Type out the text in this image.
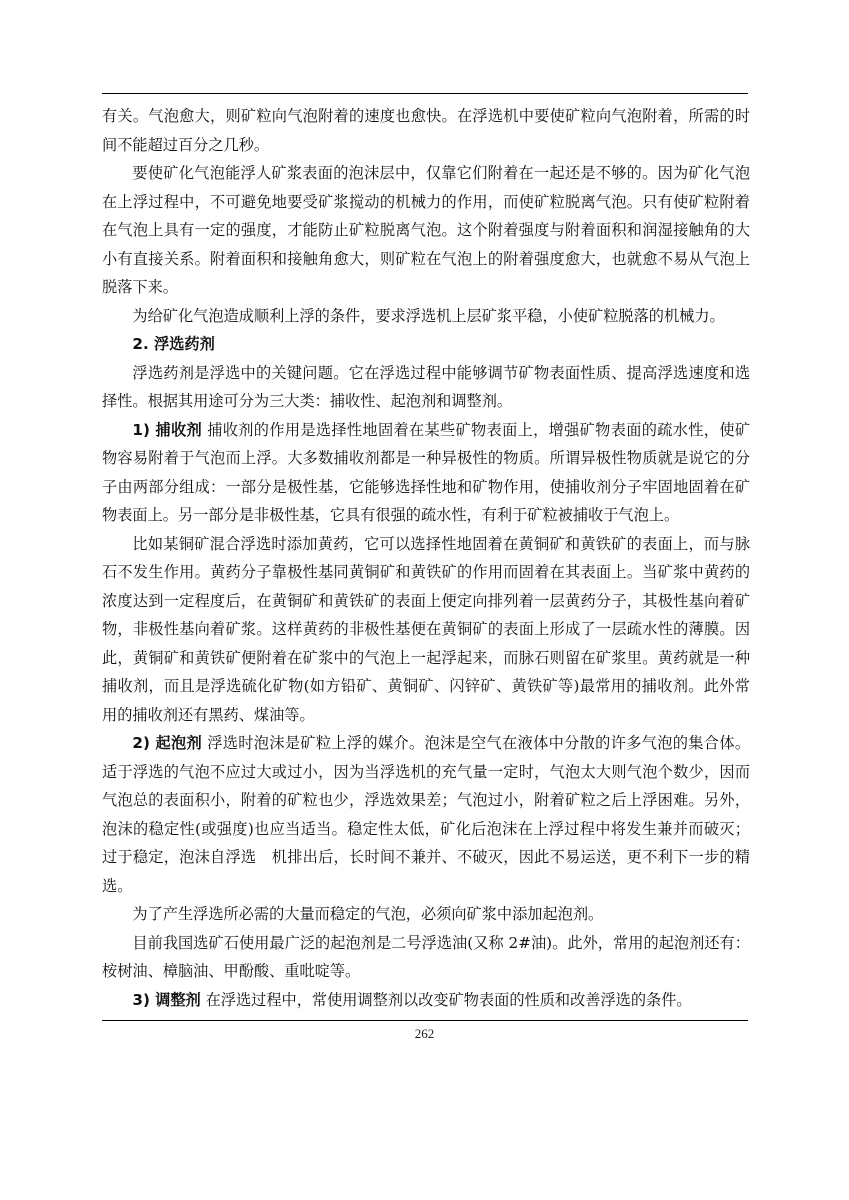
有关。气泡愈大，则矿粒向气泡附着的速度也愈快。在浮选机中要使矿粒向气泡附着，所需的时间不能超过百分之几秒。

要使矿化气泡能浮人矿浆表面的泡沫层中，仅靠它们附着在一起还是不够的。因为矿化气泡在上浮过程中，不可避免地要受矿浆搅动的机械力的作用，而使矿粒脱离气泡。只有使矿粒附着在气泡上具有一定的强度，才能防止矿粒脱离气泡。这个附着强度与附着面积和润湿接触角的大小有直接关系。附着面积和接触角愈大，则矿粒在气泡上的附着强度愈大，也就愈不易从气泡上脱落下来。

为给矿化气泡造成顺利上浮的条件，要求浮选机上层矿浆平稳，小使矿粒脱落的机械力。

2. 浮选药剂

浮选药剂是浮选中的关键问题。它在浮选过程中能够调节矿物表面性质、提高浮选速度和选择性。根据其用途可分为三大类：捕收性、起泡剂和调整剂。

1) 捕收剂 捕收剂的作用是选择性地固着在某些矿物表面上，增强矿物表面的疏水性，使矿物容易附着于气泡而上浮。大多数捕收剂都是一种异极性的物质。所谓异极性物质就是说它的分子由两部分组成：一部分是极性基，它能够选择性地和矿物作用，使捕收剂分子牢固地固着在矿物表面上。另一部分是非极性基，它具有很强的疏水性，有利于矿粒被捕收于气泡上。

比如某铜矿混合浮选时添加黄药，它可以选择性地固着在黄铜矿和黄铁矿的表面上，而与脉石不发生作用。黄药分子靠极性基同黄铜矿和黄铁矿的作用而固着在其表面上。当矿浆中黄药的浓度达到一定程度后，在黄铜矿和黄铁矿的表面上便定向排列着一层黄药分子，其极性基向着矿物，非极性基向着矿浆。这样黄药的非极性基便在黄铜矿的表面上形成了一层疏水性的薄膜。因此，黄铜矿和黄铁矿便附着在矿浆中的气泡上一起浮起来，而脉石则留在矿浆里。黄药就是一种捕收剂，而且是浮选硫化矿物(如方铅矿、黄铜矿、闪锌矿、黄铁矿等)最常用的捕收剂。此外常用的捕收剂还有黑药、煤油等。

2) 起泡剂 浮选时泡沫是矿粒上浮的媒介。泡沫是空气在液体中分散的许多气泡的集合体。适于浮选的气泡不应过大或过小，因为当浮选机的充气量一定时，气泡太大则气泡个数少，因而气泡总的表面积小，附着的矿粒也少，浮选效果差；气泡过小，附着矿粒之后上浮困难。另外，泡沫的稳定性(或强度)也应当适当。稳定性太低，矿化后泡沫在上浮过程中将发生兼并而破灭；过于稳定，泡沫自浮选　机排出后，长时间不兼并、不破灭，因此不易运送，更不利下一步的精选。

为了产生浮选所必需的大量而稳定的气泡，必须向矿浆中添加起泡剂。

目前我国选矿石使用最广泛的起泡剂是二号浮选油(又称 2#油)。此外，常用的起泡剂还有：桉树油、樟脑油、甲酚酸、重吡啶等。

3) 调整剂 在浮选过程中，常使用调整剂以改变矿物表面的性质和改善浮选的条件。

262
